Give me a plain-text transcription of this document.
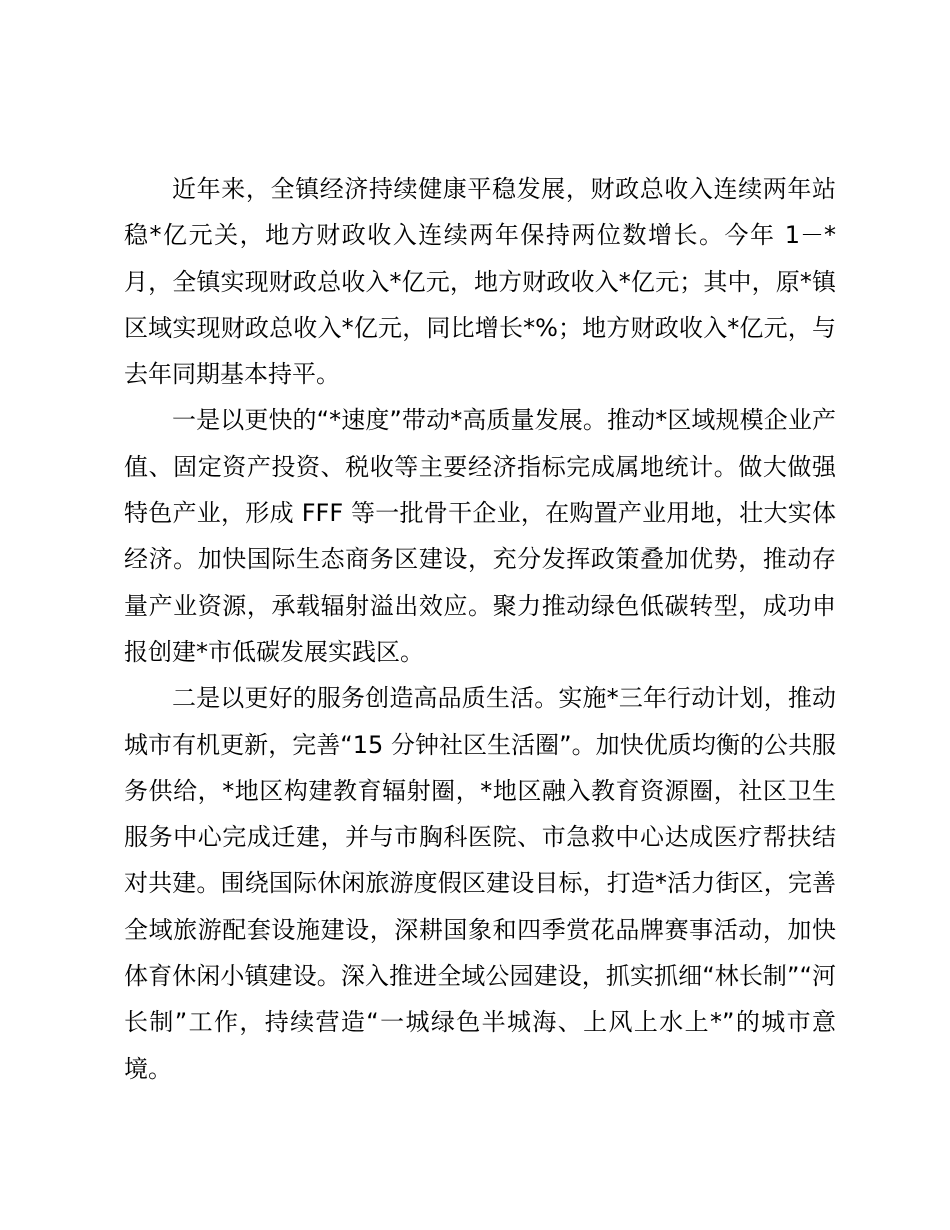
近年来，全镇经济持续健康平稳发展，财政总收入连续两年站稳*亿元关，地方财政收入连续两年保持两位数增长。今年 1－*月，全镇实现财政总收入*亿元，地方财政收入*亿元；其中，原*镇区域实现财政总收入*亿元，同比增长*%；地方财政收入*亿元，与去年同期基本持平。

一是以更快的“*速度”带动*高质量发展。推动*区域规模企业产值、固定资产投资、税收等主要经济指标完成属地统计。做大做强特色产业，形成 FFF 等一批骨干企业，在购置产业用地，壮大实体经济。加快国际生态商务区建设，充分发挥政策叠加优势，推动存量产业资源，承载辐射溢出效应。聚力推动绿色低碳转型，成功申报创建*市低碳发展实践区。

二是以更好的服务创造高品质生活。实施*三年行动计划，推动城市有机更新，完善“15 分钟社区生活圈”。加快优质均衡的公共服务供给，*地区构建教育辐射圈，*地区融入教育资源圈，社区卫生服务中心完成迁建，并与市胸科医院、市急救中心达成医疗帮扶结对共建。围绕国际休闲旅游度假区建设目标，打造*活力街区，完善全域旅游配套设施建设，深耕国象和四季赏花品牌赛事活动，加快体育休闲小镇建设。深入推进全域公园建设，抓实抓细“林长制”“河长制”工作，持续营造“一城绿色半城海、上风上水上*”的城市意境。
